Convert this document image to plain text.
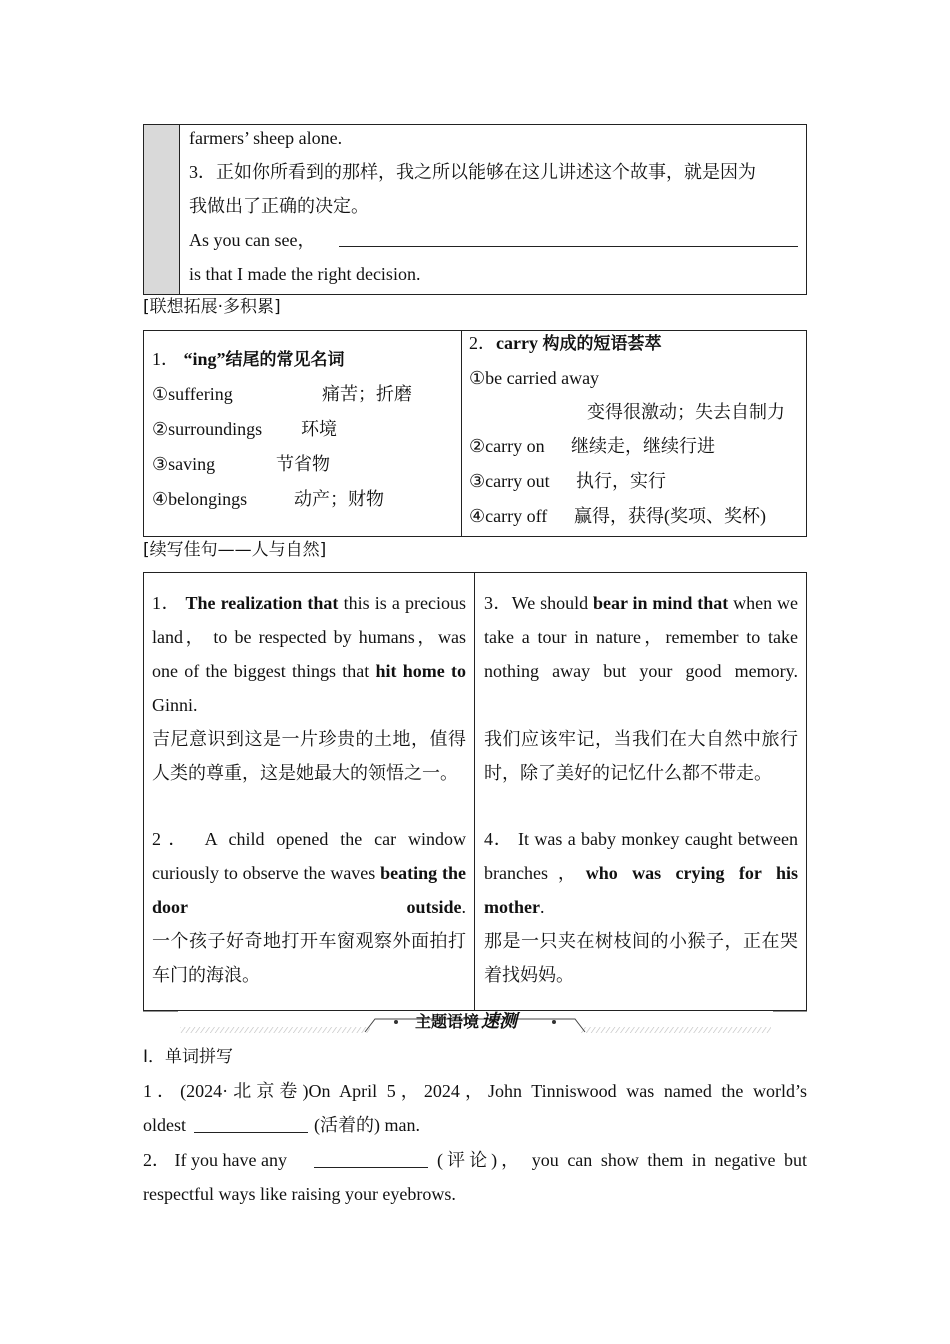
farmers’ sheep alone.
3．正如你所看到的那样，我之所以能够在这儿讲述这个故事，就是因为
我做出了正确的决定。
As you can see，
is that I made the right decision.
[联想拓展·多积累]
1． “ing”结尾的常见名词
①suffering	痛苦；折磨
②surroundings 环境
③saving	节省物
④belongings	动产；财物
2．carry 构成的短语荟萃
①be carried away
变得很激动；失去自制力
②carry on 继续走，继续行进
③carry out 执行，实行
④carry off 赢得，获得(奖项、奖杯)
[续写佳句——人与自然]
1． The realization that this is a precious land， to be respected by humans，was one of the biggest things that hit home to Ginni.
吉尼意识到这是一片珍贵的土地，值得人类的尊重，这是她最大的领悟之一。
2． A child opened the car window curiously to observe the waves beating the door outside.
一个孩子好奇地打开车窗观察外面拍打车门的海浪。
3．We should bear in mind that when we take a tour in nature，remember to take nothing away but your good memory.
我们应该牢记，当我们在大自然中旅行时，除了美好的记忆什么都不带走。
4． It was a baby monkey caught between branches，who was crying for his mother.
那是一只夹在树枝间的小猴子，正在哭着找妈妈。
主题语境 速测
Ⅰ．单词拼写
1．(2024·北京卷)On April 5，2024，John Tinniswood was named the world’s
oldest	(活着的) man.
2． If you have any	(评论)， you can show them in negative but
respectful ways like raising your eyebrows.
